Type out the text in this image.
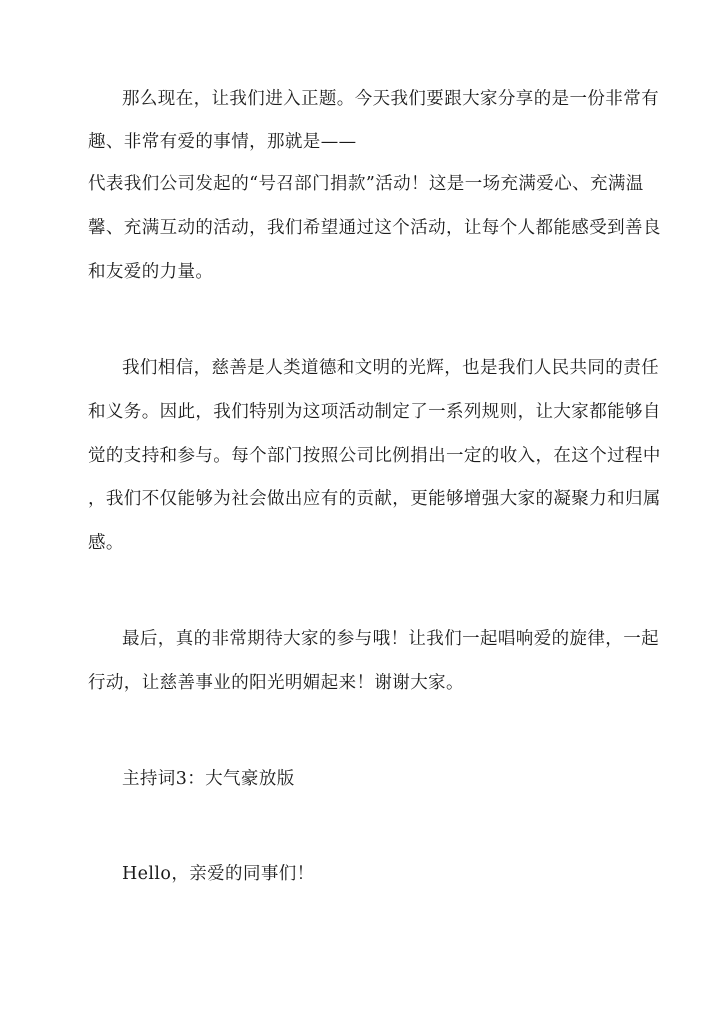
那么现在，让我们进入正题。今天我们要跟大家分享的是一份非常有
趣、非常有爱的事情，那就是——
代表我们公司发起的“号召部门捐款”活动！这是一场充满爱心、充满温
馨、充满互动的活动，我们希望通过这个活动，让每个人都能感受到善良
和友爱的力量。
我们相信，慈善是人类道德和文明的光辉，也是我们人民共同的责任
和义务。因此，我们特别为这项活动制定了一系列规则，让大家都能够自
觉的支持和参与。每个部门按照公司比例捐出一定的收入，在这个过程中
，我们不仅能够为社会做出应有的贡献，更能够增强大家的凝聚力和归属
感。
最后，真的非常期待大家的参与哦！让我们一起唱响爱的旋律，一起
行动，让慈善事业的阳光明媚起来！谢谢大家。
主持词3：大气豪放版
Hello，亲爱的同事们！
